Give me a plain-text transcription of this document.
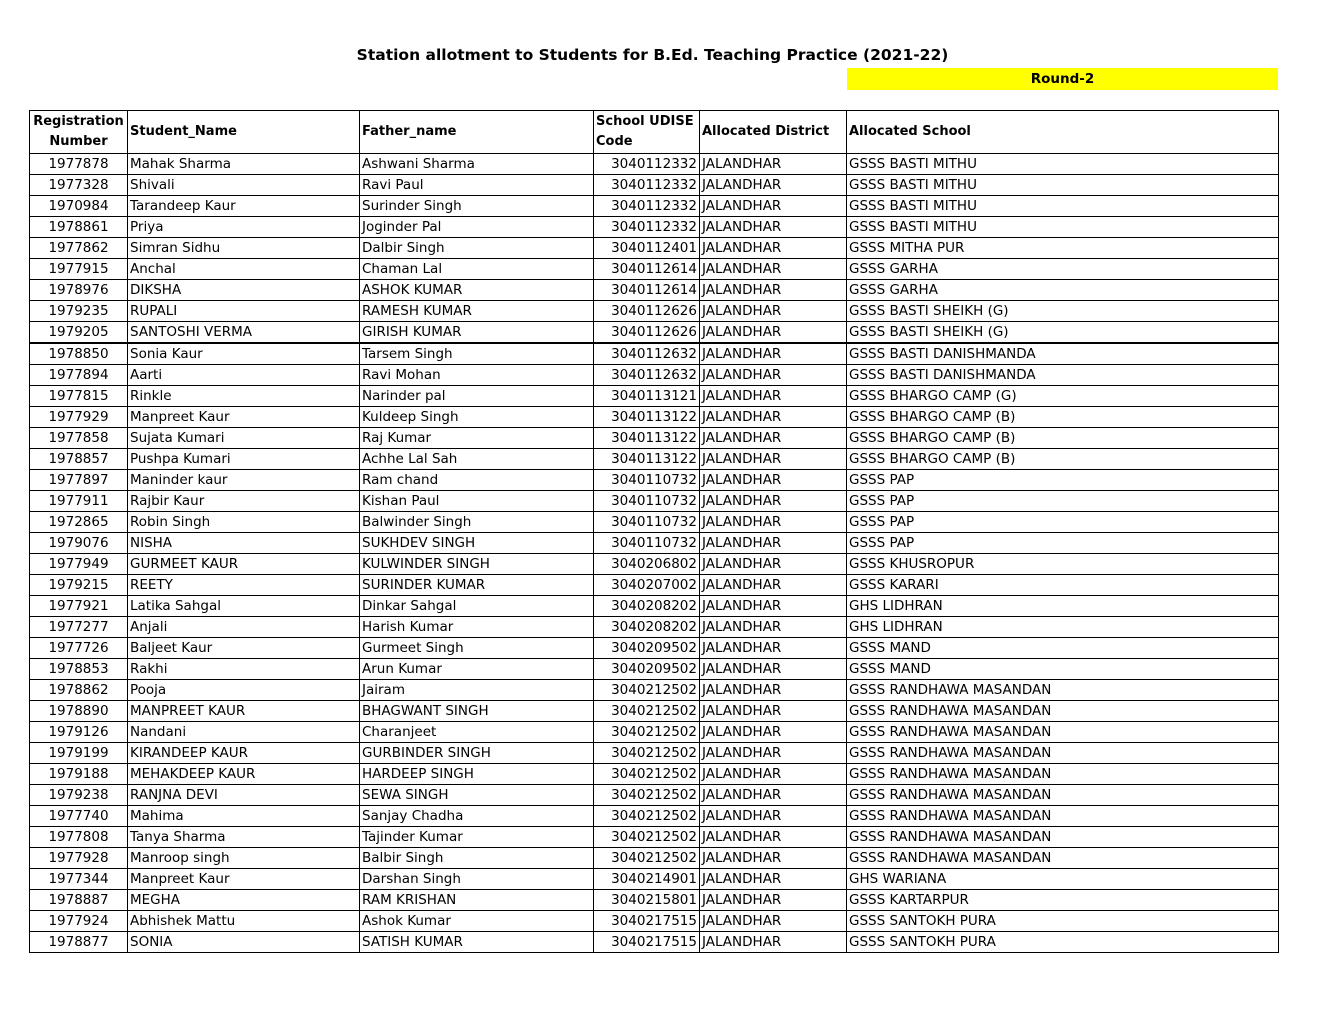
Station allotment to Students for B.Ed. Teaching Practice (2021-22)
Round-2
Registration Number	Student_Name	Father_name	School UDISE Code	Allocated District	Allocated School
1977878	Mahak Sharma	Ashwani Sharma	3040112332	JALANDHAR	GSSS BASTI MITHU
1977328	Shivali	Ravi Paul	3040112332	JALANDHAR	GSSS BASTI MITHU
1970984	Tarandeep Kaur	Surinder Singh	3040112332	JALANDHAR	GSSS BASTI MITHU
1978861	Priya	Joginder Pal	3040112332	JALANDHAR	GSSS BASTI MITHU
1977862	Simran Sidhu	Dalbir Singh	3040112401	JALANDHAR	GSSS MITHA PUR
1977915	Anchal	Chaman Lal	3040112614	JALANDHAR	GSSS GARHA
1978976	DIKSHA	ASHOK KUMAR	3040112614	JALANDHAR	GSSS GARHA
1979235	RUPALI	RAMESH KUMAR	3040112626	JALANDHAR	GSSS BASTI SHEIKH (G)
1979205	SANTOSHI VERMA	GIRISH KUMAR	3040112626	JALANDHAR	GSSS BASTI SHEIKH (G)
1978850	Sonia Kaur	Tarsem Singh	3040112632	JALANDHAR	GSSS BASTI DANISHMANDA
1977894	Aarti	Ravi Mohan	3040112632	JALANDHAR	GSSS BASTI DANISHMANDA
1977815	Rinkle	Narinder pal	3040113121	JALANDHAR	GSSS BHARGO CAMP (G)
1977929	Manpreet Kaur	Kuldeep Singh	3040113122	JALANDHAR	GSSS BHARGO CAMP (B)
1977858	Sujata Kumari	Raj Kumar	3040113122	JALANDHAR	GSSS BHARGO CAMP (B)
1978857	Pushpa Kumari	Achhe Lal Sah	3040113122	JALANDHAR	GSSS BHARGO CAMP (B)
1977897	Maninder kaur	Ram chand	3040110732	JALANDHAR	GSSS PAP
1977911	Rajbir Kaur	Kishan Paul	3040110732	JALANDHAR	GSSS PAP
1972865	Robin Singh	Balwinder Singh	3040110732	JALANDHAR	GSSS PAP
1979076	NISHA	SUKHDEV SINGH	3040110732	JALANDHAR	GSSS PAP
1977949	GURMEET KAUR	KULWINDER SINGH	3040206802	JALANDHAR	GSSS KHUSROPUR
1979215	REETY	SURINDER KUMAR	3040207002	JALANDHAR	GSSS KARARI
1977921	Latika Sahgal	Dinkar Sahgal	3040208202	JALANDHAR	GHS LIDHRAN
1977277	Anjali	Harish Kumar	3040208202	JALANDHAR	GHS LIDHRAN
1977726	Baljeet Kaur	Gurmeet Singh	3040209502	JALANDHAR	GSSS MAND
1978853	Rakhi	Arun Kumar	3040209502	JALANDHAR	GSSS MAND
1978862	Pooja	Jairam	3040212502	JALANDHAR	GSSS RANDHAWA MASANDAN
1978890	MANPREET KAUR	BHAGWANT SINGH	3040212502	JALANDHAR	GSSS RANDHAWA MASANDAN
1979126	Nandani	Charanjeet	3040212502	JALANDHAR	GSSS RANDHAWA MASANDAN
1979199	KIRANDEEP KAUR	GURBINDER SINGH	3040212502	JALANDHAR	GSSS RANDHAWA MASANDAN
1979188	MEHAKDEEP KAUR	HARDEEP SINGH	3040212502	JALANDHAR	GSSS RANDHAWA MASANDAN
1979238	RANJNA DEVI	SEWA SINGH	3040212502	JALANDHAR	GSSS RANDHAWA MASANDAN
1977740	Mahima	Sanjay Chadha	3040212502	JALANDHAR	GSSS RANDHAWA MASANDAN
1977808	Tanya Sharma	Tajinder Kumar	3040212502	JALANDHAR	GSSS RANDHAWA MASANDAN
1977928	Manroop singh	Balbir Singh	3040212502	JALANDHAR	GSSS RANDHAWA MASANDAN
1977344	Manpreet Kaur	Darshan Singh	3040214901	JALANDHAR	GHS WARIANA
1978887	MEGHA	RAM KRISHAN	3040215801	JALANDHAR	GSSS KARTARPUR
1977924	Abhishek Mattu	Ashok Kumar	3040217515	JALANDHAR	GSSS SANTOKH PURA
1978877	SONIA	SATISH KUMAR	3040217515	JALANDHAR	GSSS SANTOKH PURA
